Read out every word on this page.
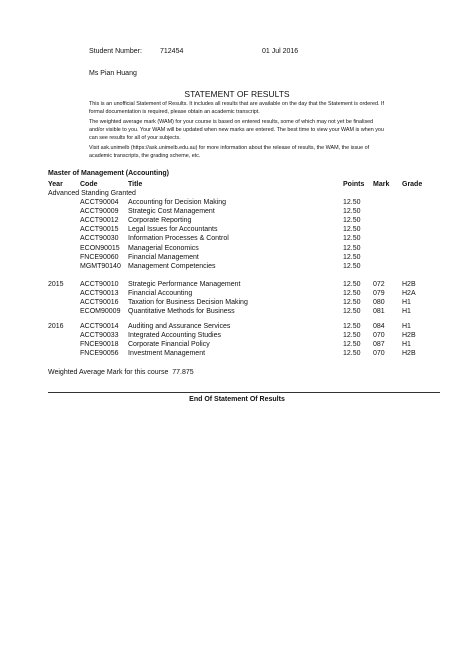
Student Number:	712454	01 Jul 2016
Ms Pian Huang
STATEMENT OF RESULTS

This is an unofficial Statement of Results. It includes all results that are available on the day that the Statement is ordered. If formal documentation is required, please obtain an academic transcript.

The weighted average mark (WAM) for your course is based on entered results, some of which may not yet be finalised and/or visible to you. Your WAM will be updated when new marks are entered. The best time to view your WAM is when you can see results for all of your subjects.

Visit ask.unimelb (https://ask.unimelb.edu.au) for more information about the release of results, the WAM, the issue of academic transcripts, the grading scheme, etc.

Master of Management (Accounting)
Year Code	Title	Points Mark Grade
Advanced Standing Granted
ACCT90004 Accounting for Decision Making	12.50
ACCT90009 Strategic Cost Management	12.50
ACCT90012 Corporate Reporting	12.50
ACCT90015 Legal Issues for Accountants	12.50
ACCT90030 Information Processes & Control	12.50
ECON90015 Managerial Economics	12.50
FNCE90060 Financial Management	12.50
MGMT90140 Management Competencies	12.50
2015 ACCT90010 Strategic Performance Management	12.50 072 H2B
ACCT90013 Financial Accounting	12.50 079 H2A
ACCT90016 Taxation for Business Decision Making	12.50 080 H1
ECOM90009 Quantitative Methods for Business	12.50 081 H1
2016 ACCT90014 Auditing and Assurance Services	12.50 084 H1
ACCT90033 Integrated Accounting Studies	12.50 070 H2B
FNCE90018 Corporate Financial Policy	12.50 087 H1
FNCE90056 Investment Management	12.50 070 H2B
Weighted Average Mark for this course 77.875
End Of Statement Of Results
